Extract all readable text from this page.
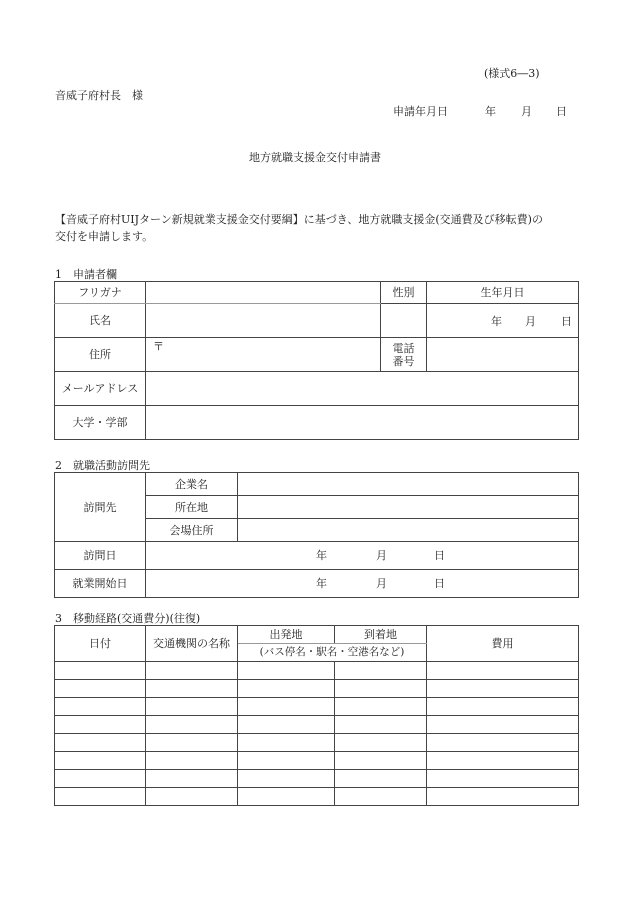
(様式6―3)
音威子府村長　様
申請年月日	年 月 日
地方就職支援金交付申請書
【音威子府村UIJターン新規就業支援金交付要綱】に基づき、地方就職支援金(交通費及び移転費)の
交付を申請します。
1　申請者欄
フリガナ		性別	生年月日
氏名			年 月 日

住所	〒	電話
番号	

メールアドレス			
大学・学部			
2　就職活動訪問先
訪問先	企業名	
	所在地	
	会場住所	
訪問日	年 月 日	

就業開始日	年 月 日	
3　移動経路(交通費分)(往復)
日付	交通機関の名称	出発地	到着地	費用
		(バス停名・駅名・空港名など)		
